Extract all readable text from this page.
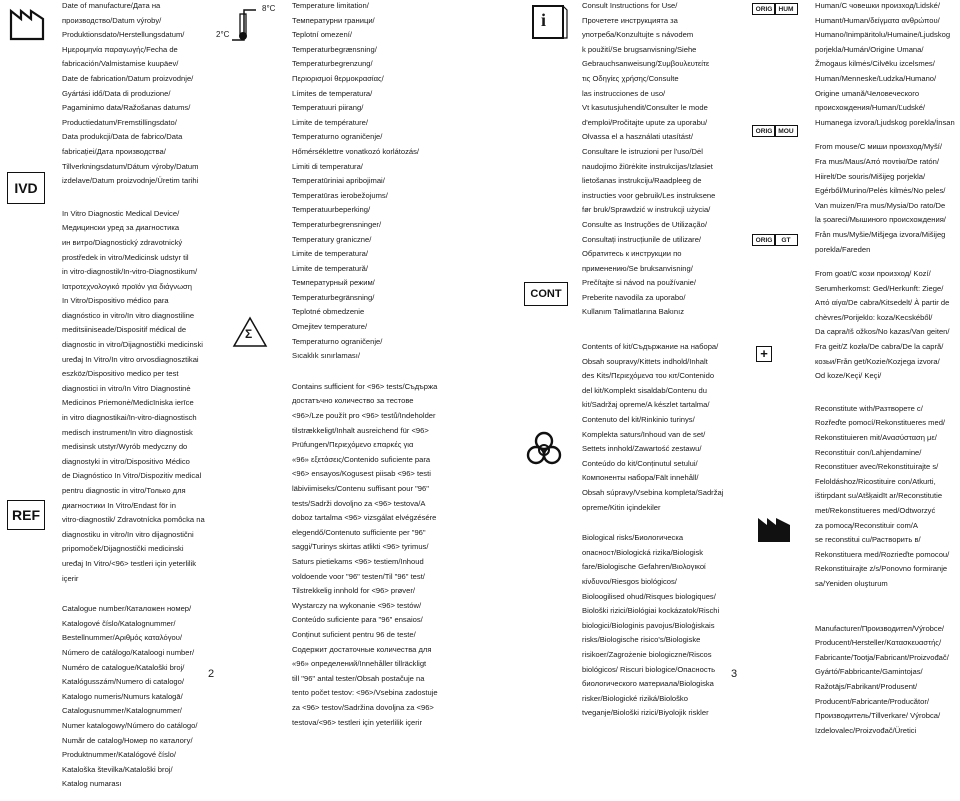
IVD
REF
8°C
2°C
Σ
i
CONT
ORIG HUM
ORIG MOU
ORIG GT
+
Date of manufacture/Дата на
производство/Datum výroby/
Produktionsdato/Herstellungsdatum/
Ημερομηνία παραγωγής/Fecha de
fabricación/Valmistamise kuupäev/
Date de fabrication/Datum proizvodnje/
Gyártási idő/Data di produzione/
Pagaminimo data/Ražošanas datums/
Productiedatum/Fremstillingsdato/
Data produkcji/Data de fabrico/Data
fabricației/Дата производства/
Tillverkningsdatum/Dátum výroby/Datum
izdelave/Datum proizvodnje/Üretim tarihi
In Vitro Diagnostic Medical Device/
Медицински уред за диагностика
ин витро/Diagnostický zdravotnický
prostředek in vitro/Medicinsk udstyr til
in vitro-diagnostik/In-vitro-Diagnostikum/
Ιατροτεχνολογικό προϊόν για διάγνωση
In Vitro/Dispositivo médico para
diagnóstico in vitro/In vitro diagnostiline
meditsiiniseade/Dispositif médical de
diagnostic in vitro/Dijagnostički medicinski
uređaj In Vitro/In vitro orvosdiagnosztikai
eszköz/Dispositivo medico per test
diagnostici in vitro/In Vitro Diagnostinė
Medicinos Priemonė/Medicīniska ierīce
in vitro diagnostikai/In-vitro-diagnostisch
medisch instrument/In vitro diagnostisk
medisinsk utstyr/Wyrób medyczny do
diagnostyki in vitro/Dispositivo Médico
de Diagnóstico In Vitro/Dispozitiv medical
pentru diagnostic in vitro/Только для
диагностики In Vitro/Endast för in
vitro-diagnostik/ Zdravotnícka pomôcka na
diagnostiku in vitro/In vitro dijagnostični
pripomoček/Dijagnostički medicinski
uređaj In Vitro/<96> testleri için yeterlilik
içerir
Catalogue number/Каталожен номер/
Katalogové číslo/Katalognummer/
Bestellnummer/Αριθμός καταλόγου/
Número de catálogo/Katalоogi number/
Numéro de catalogue/Kataloški broj/
Katalógusszám/Numero di catalogo/
Katalogo numeris/Numurs katalogā/
Catalogusnummer/Katalognummer/
Numer katalogowy/Número do catálogo/
Număr de catalog/Номер по каталогу/
Produktnummer/Katalógové číslo/
Kataloška številka/Kataloški broj/
Katalog numarası
Temperature limitation/
Температурни граници/
Teplotní omezení/
Temperaturbegrænsning/
Temperaturbegrenzung/
Περιορισμοί θερμοκρασίας/
Límites de temperatura/
Temperatuuri piirang/
Limite de température/
Temperaturno ograničenje/
Hőmérséklettre vonatkozó korlátozás/
Limiti di temperatura/
Temperatūriniai apribojimai/
Temperatūras ierobežojums/
Temperatuurbeperking/
Temperaturbegrensninger/
Temperatury graniczne/
Limite de temperatura/
Limite de temperatură/
Температурный режим/
Temperaturbegränsning/
Teplotné obmedzenie
Omejitev temperature/
Temperaturno ograničenje/
Sıcaklık sınırlaması/
Contains sufficient for <96> tests/Съдържа
достатъчно количество за тестове
<96>/Lze použít pro <96> testů/Indeholder
tilstrækkeligt/Inhalt ausreichend für <96>
Prüfungen/Περιεχόμενο επαρκές για
«96» εξετάσεις/Contenido suficiente para
<96> ensayos/Kogusest piisab <96> testi
läbiviimiseks/Contenu suffisant pour "96"
tests/Sadrži dovoljno za <96> testova/A
doboz tartalma <96> vizsgálat elvégzésére
elegendő/Contenuto sufficiente per "96"
saggi/Turinys skirtas atlikti <96> tyrimus/
Saturs pietiekams <96> testiem/Inhoud
voldoende voor "96" testen/Til "96" test/
Tilstrekkelig innhold for <96> prøver/
Wystarczy na wykonanie <96> testów/
Conteúdo suficiente para "96" ensaios/
Conținut suficient pentru 96 de teste/
Содержит достаточные количества для
«96» определений/Innehåller tillräckligt
till "96" antal tester/Obsah postačuje na
tento počet testov: <96>/Vsebina zadostuje
za <96> testov/Sadržina dovoljna za <96>
testova/<96> testleri için yeterlilik içerir
Consult Instructions for Use/
Прочетете инструкцията за
употреба/Konzultujte s návodem
k použití/Se brugsanvisning/Siehe
Gebrauchsanweisung/Συμβουλευτείτε
τις Οδηγίες χρήσης/Consulte
las instrucciones de uso/
Vt kasutusjuhendit/Consulter le mode
d'emploi/Pročitajte upute za uporabu/
Olvassa el a használati utasítást/
Consultare le istruzioni per l'uso/Dėl
naudojimo žiūrėkite instrukcijas/Izlasiet
lietošanas instrukciju/Raadpleeg de
instructies voor gebruik/Les instruksene
før bruk/Sprawdzić w instrukcji użycia/
Consulte as Instruções de Utilização/
Consultați instrucțiunile de utilizare/
Обратитесь к инструкции по
применению/Se bruksanvisning/
Prečítajte si návod na používanie/
Preberite navodila za uporabo/
Kullanım Talimatlarına Bakınız
Contents of kit/Съдържание на набора/
Obsah soupravy/Kittets indhold/Inhalt
des Kits/Περιεχόμενα του κιτ/Contenido
del kit/Komplekt sisaldab/Contenu du
kit/Sadržaj opreme/A készlet tartalma/
Contenuto del kit/Rinkinio turinys/
Komplekta saturs/Inhoud van de set/
Settets innhold/Zawartość zestawu/
Conteúdo do kit/Conținutul setului/
Компоненты набора/Fält innehåll/
Obsah súpravy/Vsebina kompleta/Sadržaj
opreme/Kitin içindekiler
Biological risks/Биологическа
опасност/Biologická rizika/Biologisk
fare/Biologische Gefahren/Βιολογικοί
κίνδυνοι/Riesgos biológicos/
Bioloogilised ohud/Risques biologiques/
Biološki rizici/Biológiai kockázatok/Rischi
biologici/Biologinis pavojus/Bioloģiskais
risks/Biologische risico's/Biologiske
risikoer/Zagrożenie biologiczne/Riscos
biológicos/ Riscuri biologice/Опасность
биологического материала/Biologiska
risker/Biologické riziká/Biološko
tveganje/Biološki rizici/Biyolojik riskler
Human/С човешки произход/Lidské/
Humant/Human/δείγματα ανθρώπου/
Humano/Inimpäritolu/Humaine/Ljudskog
porjekla/Humán/Origine Umana/
Žmogaus kilmės/Cilvēku izcelsmes/
Human/Menneske/Ludzka/Humano/
Origine umană/Человеческого
происхождения/Human/Ľudské/
Humanega izvora/Ljudskog porekla/İnsan
From mouse/С миши произход/Myší/
Fra mus/Maus/Από ποντίκι/De ratón/
Hiirelt/De souris/Mišijeg porjekla/
Egérből/Murino/Pelės kilmės/No peles/
Van muizen/Fra mus/Mysia/Do rato/De
la șoareci/Мышиного происхождения/
Från mus/Myšie/Mišjega izvora/Mišijeg
porekla/Fareden
From goat/С кози произход/ Kozí/
Serumherkomst: Ged/Herkunft: Ziege/
Από αίγα/De cabra/Kitsedelt/ À partir de
chèvres/Porijeklo: koza/Kecskéből/
Da capra/Iš ožkos/No kazas/Van geiten/
Fra geit/Z kozła/De cabra/De la capră/
козьи/Från get/Kozie/Kozjega izvora/
Od koze/Keçi/ Keçi/
Reconstitute with/Разтворете с/
Rozřeďte pomocí/Rekonstitueres med/
Rekonstituieren mit/Ανασύσταση με/
Reconstituir con/Lahjendamine/
Reconstituer avec/Rekonstituirajte s/
Feloldáshoz/Ricostituire con/Atkurti,
ištirpdant su/Atšķaidīt ar/Reconstitutie
met/Rekonstitueres med/Odtworzyć
za pomocą/Reconstituir com/A
se reconstitui cu/Растворить в/
Rekonstituera med/Rozrieďte pomocou/
Rekonstituirajte z/s/Ponovno formiranje
sa/Yeniden oluşturum
Manufacturer/Производител/Výrobce/
Producent/Hersteller/Κατασκευαστής/
Fabricante/Tootja/Fabricant/Proizvođač/
Gyártó/Fabbricante/Gamintojas/
Ražotājs/Fabrikant/Produsent/
Producent/Fabricante/Producător/
Производитель/Tillverkare/ Výrobca/
Izdelovalec/Proizvođač/Üretici
2	3
